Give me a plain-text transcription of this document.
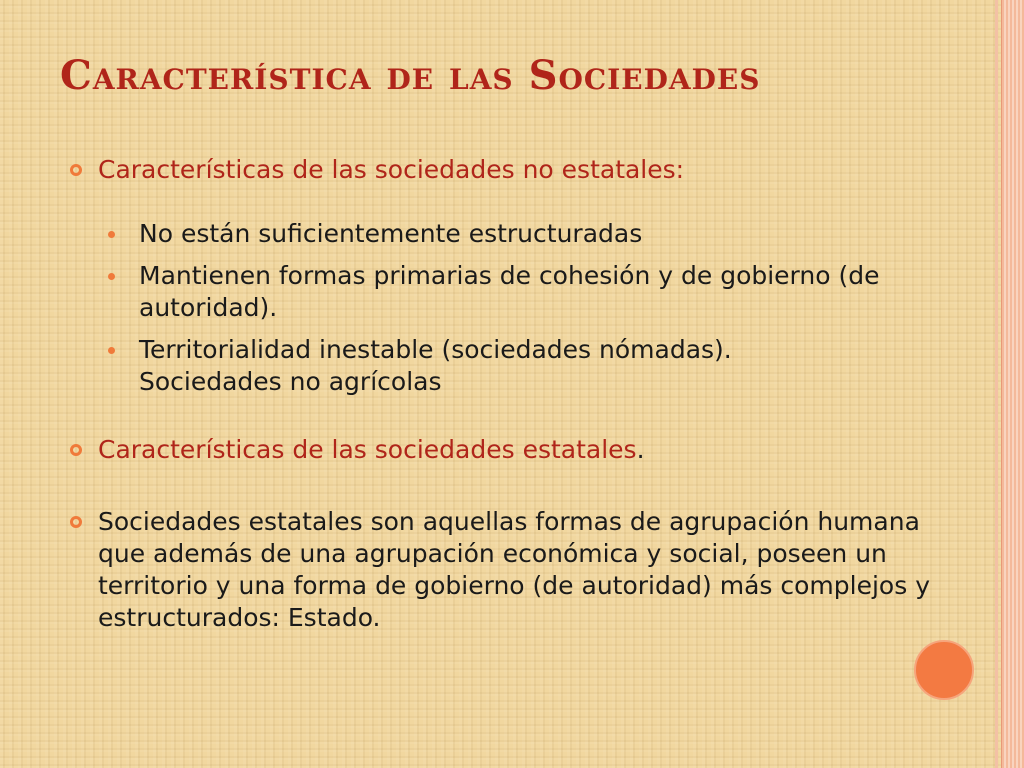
Característica de las Sociedades
Características de las sociedades no estatales:
No están suficientemente estructuradas
Mantienen formas primarias de cohesión y de gobierno (de autoridad).
Territorialidad inestable (sociedades nómadas). Sociedades no agrícolas
Características de las sociedades estatales.
Sociedades estatales son aquellas formas de agrupación humana que además de una agrupación económica y social, poseen un territorio y una forma de gobierno (de autoridad) más complejos y estructurados: Estado.
